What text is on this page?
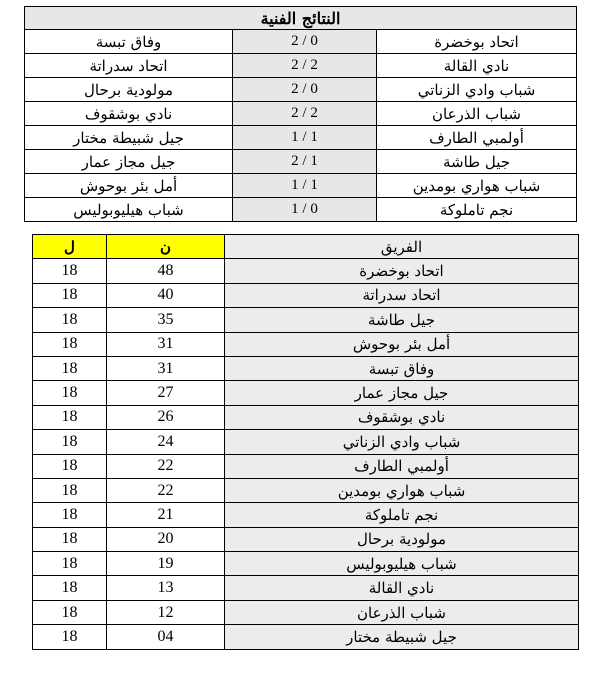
النتائج الفنية		
وفاق تبسة	2 / 0	اتحاد بوخضرة
اتحاد سدراتة	2 / 2	نادي القالة
مولودية برحال	2 / 0	شباب وادي الزناتي
نادي بوشقوف	2 / 2	شباب الذرعان
جيل شبيطة مختار	1 / 1	أولمبي الطارف
جيل مجاز عمار	2 / 1	جيل طاشة
أمل بئر بوحوش	1 / 1	شباب هواري بومدين
شباب هيليوبوليس	1 / 0	نجم تاملوكة
ل	ن	الفريق
18	48	اتحاد بوخضرة
18	40	اتحاد سدراتة
18	35	جيل طاشة
18	31	أمل بئر بوحوش
18	31	وفاق تبسة
18	27	جيل مجاز عمار
18	26	نادي بوشقوف
18	24	شباب وادي الزناتي
18	22	أولمبي الطارف
18	22	شباب هواري بومدين
18	21	نجم تاملوكة
18	20	مولودية برحال
18	19	شباب هيليوبوليس
18	13	نادي القالة
18	12	شباب الذرعان
18	04	جيل شبيطة مختار
